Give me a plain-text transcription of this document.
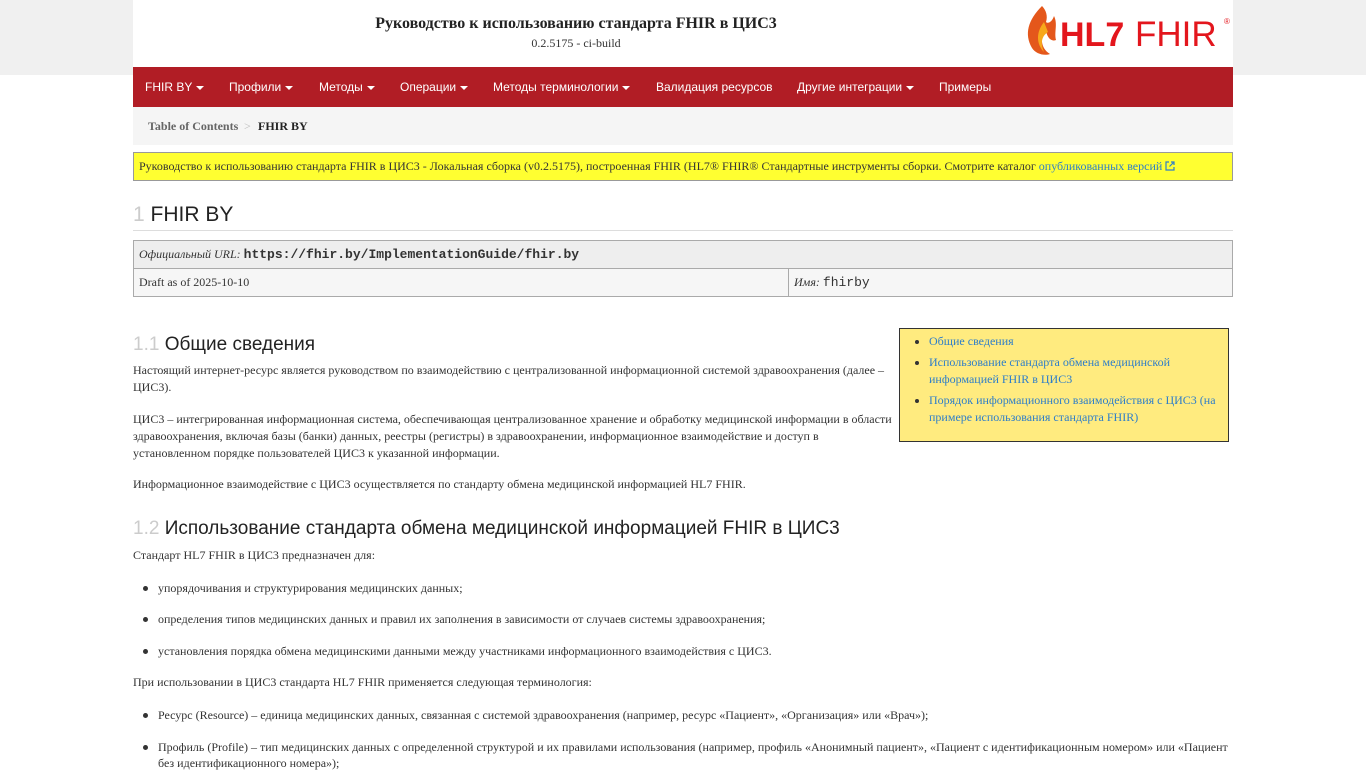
Руководство к использованию стандарта FHIR в ЦИС3
0.2.5175 - ci-build	HL7 FHIR ®
FHIR BY	Профили	Методы	Операции	Методы терминологии	Валидация ресурсов Другие интеграции	Примеры
Table of Contents > FHIR BY
Руководство к использованию стандарта FHIR в ЦИС3 - Локальная сборка (v0.2.5175), построенная FHIR (HL7® FHIR® Стандартные инструменты сборки. Смотрите каталог опубликованных версий
1 FHIR BY
Официальный URL: https://fhir.by/ImplementationGuide/fhir.by
Draft as of 2025-10-10	Имя: fhirby
• Общие сведения
• Использование стандарта обмена медицинской информацией FHIR в ЦИС3
• Порядок информационного взаимодействия с ЦИС3 (на примере использования стандарта FHIR)
1.1 Общие сведения
Настоящий интернет-ресурс является руководством по взаимодействию с централизованной информационной системой здравоохранения (далее – ЦИС3).
ЦИС3 – интегрированная информационная система, обеспечивающая централизованное хранение и обработку медицинской информации в области здравоохранения, включая базы (банки) данных, реестры (регистры) в здравоохранении, информационное взаимодействие и доступ в установленном порядке пользователей ЦИС3 к указанной информации.
Информационное взаимодействие с ЦИС3 осуществляется по стандарту обмена медицинской информацией HL7 FHIR.
1.2 Использование стандарта обмена медицинской информацией FHIR в ЦИС3
Стандарт HL7 FHIR в ЦИС3 предназначен для:
упорядочивания и структурирования медицинских данных;
определения типов медицинских данных и правил их заполнения в зависимости от случаев системы здравоохранения;
установления порядка обмена медицинскими данными между участниками информационного взаимодействия с ЦИС3.
При использовании в ЦИС3 стандарта HL7 FHIR применяется следующая терминология:
Ресурс (Resource) – единица медицинских данных, связанная с системой здравоохранения (например, ресурс «Пациент», «Организация» или «Врач»);
Профиль (Profile) – тип медицинских данных с определенной структурой и их правилами использования (например, профиль «Анонимный пациент», «Пациент с идентификационным номером» или «Пациент без идентификационного номера»);
